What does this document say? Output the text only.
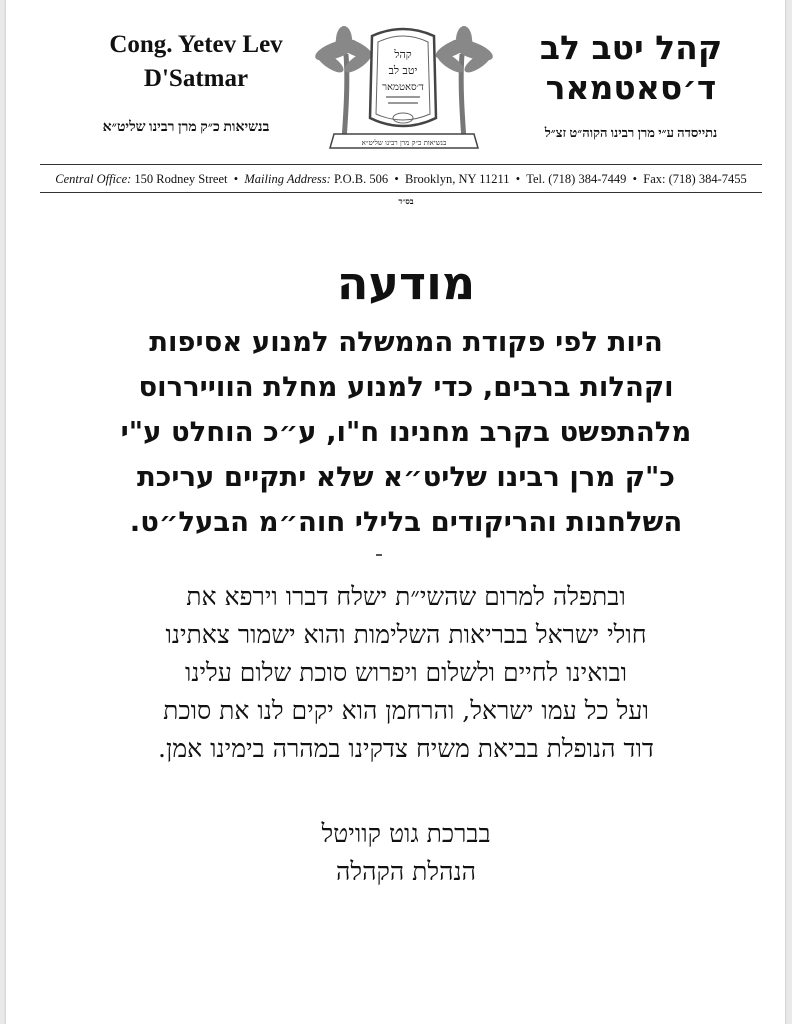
Cong. Yetev Lev
D'Satmar
בנשיאות כ״ק מרן רבינו שליט״א
קהל
יטב לב
ד׳סאטמאר
בנשיאות כ״ק מרן רבינו שליט״א
קהל יטב לב
ד׳סאטמאר
נתייסדה ע״י מרן רבינו הקוה״ט זצ״ל
Central Office: 150 Rodney Street • Mailing Address: P.O.B. 506 • Brooklyn, NY 11211 • Tel. (718) 384-7449 • Fax: (718) 384-7455
בס״ד
מודעה
היות לפי פקודת הממשלה למנוע אסיפות
וקהלות ברבים, כדי למנוע מחלת הווייררוס
מלהתפשט בקרב מחנינו ח"ו, ע״כ הוחלט ע"י
כ"ק מרן רבינו שליט״א שלא יתקיים עריכת
השלחנות והריקודים בלילי חוה״מ הבעל״ט.
ובתפלה למרום שהשי״ת ישלח דברו וירפא את
חולי ישראל בבריאות השלימות והוא ישמור צאתינו
ובואינו לחיים ולשלום ויפרוש סוכת שלום עלינו
ועל כל עמו ישראל, והרחמן הוא יקים לנו את סוכת
דוד הנופלת בביאת משיח צדקינו במהרה בימינו אמן.
בברכת גוט קוויטל
הנהלת הקהלה
